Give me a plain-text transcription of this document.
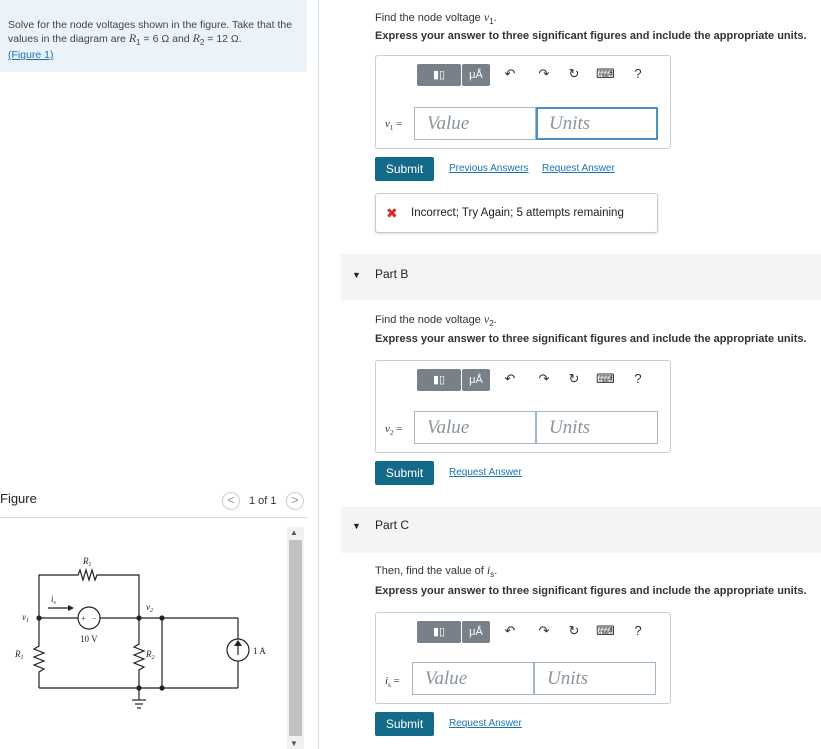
Solve for the node voltages shown in the figure. Take that the values in the diagram are $R_1 = 6$ Ω and $R_2 = 12$ Ω.
(Figure 1)
Figure	<	1 of 1	>
$R_1$
$i_s$
$v_1$
$v_2$
10 V
+ −
$R_1$	$R_2$
1 A
▲
▼
Find the node voltage $v_1$.
Express your answer to three significant figures and include the appropriate units.
▮▯	μÅ	↶ ↷ ↻ ⌨	?
$v_1$ =	Value	Units
Submit	Previous Answers Request Answer
✖ Incorrect; Try Again; 5 attempts remaining
▼ Part B
Find the node voltage $v_2$.
Express your answer to three significant figures and include the appropriate units.
▮▯	μÅ	↶ ↷ ↻ ⌨	?
$v_2$ =	Value	Units
Submit	Request Answer
▼ Part C
Then, find the value of $i_s$.
Express your answer to three significant figures and include the appropriate units.
▮▯	μÅ	↶ ↷ ↻ ⌨	?
$i_s$ =	Value	Units
Submit	Request Answer
